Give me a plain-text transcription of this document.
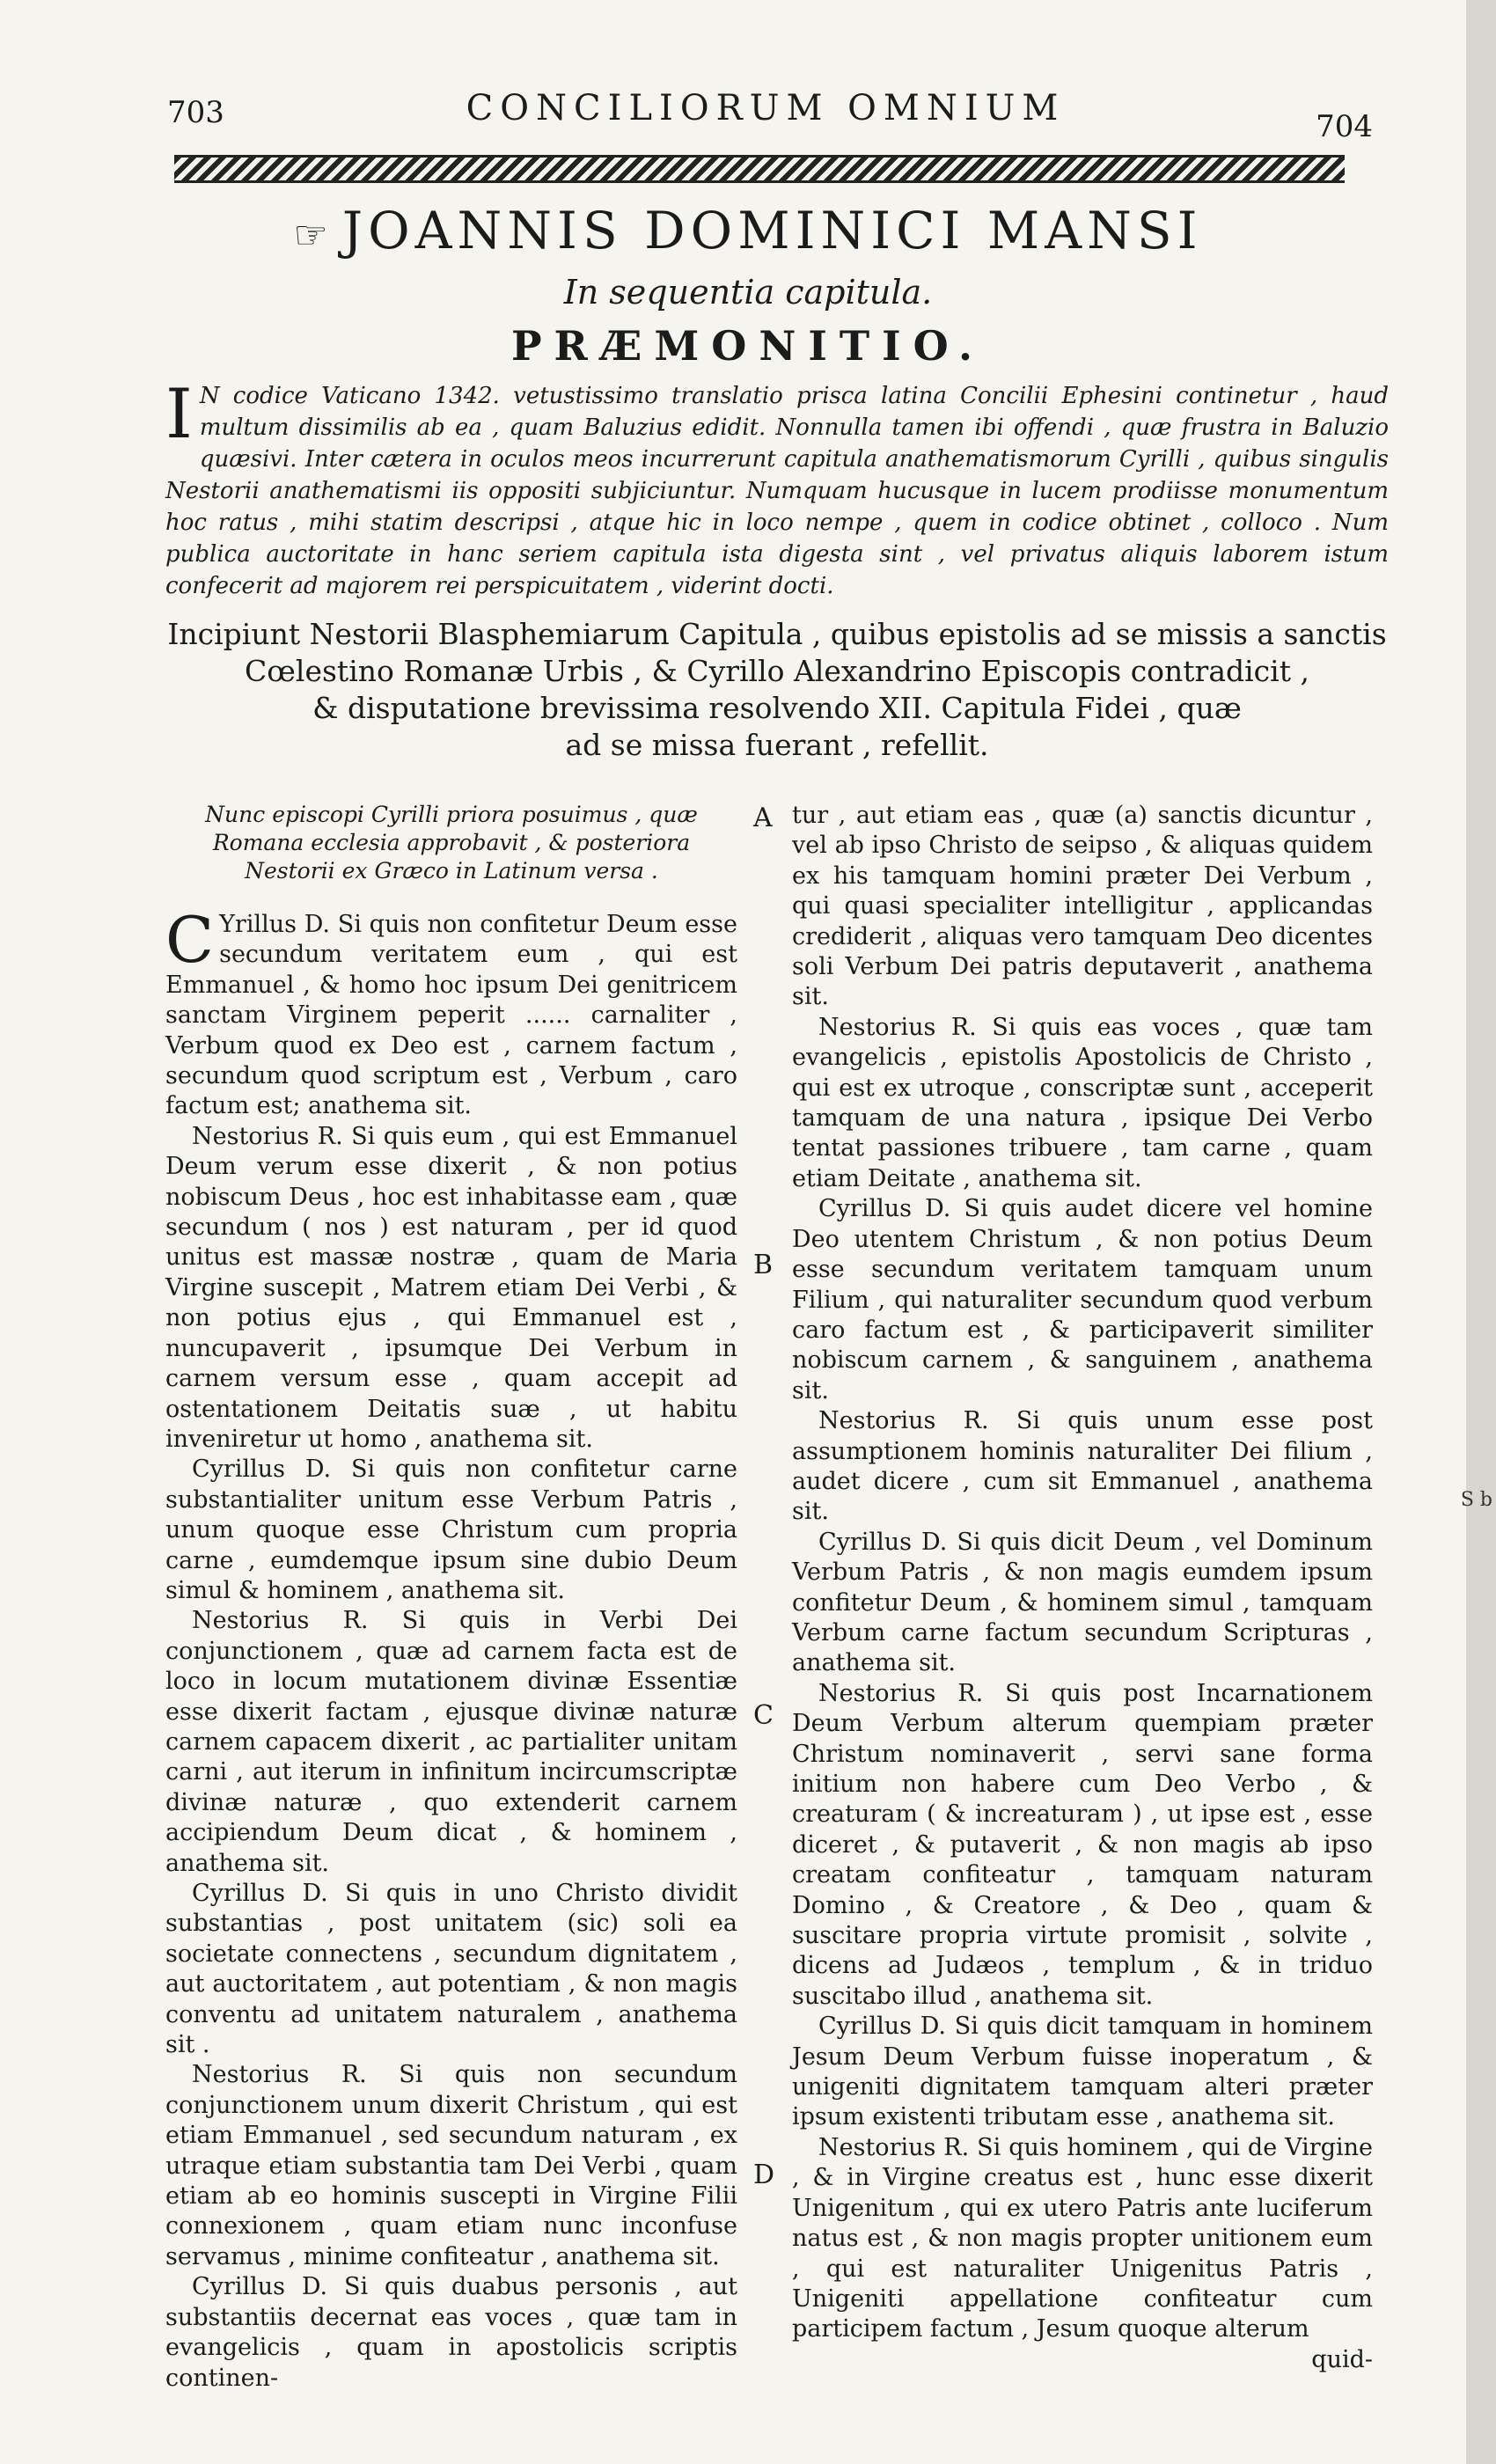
703	CONCILIORUM OMNIUM	704
☞ JOANNIS DOMINICI MANSI
In sequentia capitula.
PRÆMONITIO.
I N codice Vaticano 1342. vetustissimo translatio prisca latina Concilii Ephesini continetur , haud multum dissimilis ab ea , quam Baluzius edidit. Nonnulla tamen ibi offendi , quæ frustra in Baluzio quæsivi. Inter cætera in oculos meos incurrerunt capitula anathematismorum Cyrilli , quibus singulis Nestorii anathematismi iis oppositi subjiciuntur. Numquam hucusque in lucem prodiisse monumentum hoc ratus , mihi statim descripsi , atque hic in loco nempe , quem in codice obtinet , colloco . Num publica auctoritate in hanc seriem capitula ista digesta sint , vel privatus aliquis laborem istum confecerit ad majorem rei perspicuitatem , viderint docti.
Incipiunt Nestorii Blasphemiarum Capitula , quibus epistolis ad se missis a sanctis
Cœlestino Romanæ Urbis , & Cyrillo Alexandrino Episcopis contradicit ,
& disputatione brevissima resolvendo XII. Capitula Fidei , quæ
ad se missa fuerant , refellit.
Nunc episcopi Cyrilli priora posuimus , quæ Romana ecclesia approbavit , & posteriora Nestorii ex Græco in Latinum versa .

C Yrillus D. Si quis non confitetur Deum esse secundum veritatem eum , qui est Emmanuel , & homo hoc ipsum Dei genitricem sanctam Virginem peperit ...... carnaliter , Verbum quod ex Deo est , carnem factum , secundum quod scriptum est , Verbum , caro factum est; anathema sit.

Nestorius R. Si quis eum , qui est Emmanuel Deum verum esse dixerit , & non potius nobiscum Deus , hoc est inhabitasse eam , quæ secundum ( nos ) est naturam , per id quod unitus est massæ nostræ , quam de Maria Virgine suscepit , Matrem etiam Dei Verbi , & non potius ejus , qui Emmanuel est , nuncupaverit , ipsumque Dei Verbum in carnem versum esse , quam accepit ad ostentationem Deitatis suæ , ut habitu inveniretur ut homo , anathema sit.

Cyrillus D. Si quis non confitetur carne substantialiter unitum esse Verbum Patris , unum quoque esse Christum cum propria carne , eumdemque ipsum sine dubio Deum simul & hominem , anathema sit.

Nestorius R. Si quis in Verbi Dei conjunctionem , quæ ad carnem facta est de loco in locum mutationem divinæ Essentiæ esse dixerit factam , ejusque divinæ naturæ carnem capacem dixerit , ac partialiter unitam carni , aut iterum in infinitum incircumscriptæ divinæ naturæ , quo extenderit carnem accipiendum Deum dicat , & hominem , anathema sit.

Cyrillus D. Si quis in uno Christo dividit substantias , post unitatem (sic) soli ea societate connectens , secundum dignitatem , aut auctoritatem , aut potentiam , & non magis conventu ad unitatem naturalem , anathema sit .

Nestorius R. Si quis non secundum conjunctionem unum dixerit Christum , qui est etiam Emmanuel , sed secundum naturam , ex utraque etiam substantia tam Dei Verbi , quam etiam ab eo hominis suscepti in Virgine Filii connexionem , quam etiam nunc inconfuse servamus , minime confiteatur , anathema sit.

Cyrillus D. Si quis duabus personis , aut substantiis decernat eas voces , quæ tam in evangelicis , quam in apostolicis scriptis continen-

A
B
C
D

tur , aut etiam eas , quæ (a) sanctis dicuntur , vel ab ipso Christo de seipso , & aliquas quidem ex his tamquam homini præter Dei Verbum , qui quasi specialiter intelligitur , applicandas crediderit , aliquas vero tamquam Deo dicentes soli Verbum Dei patris deputaverit , anathema sit.

Nestorius R. Si quis eas voces , quæ tam evangelicis , epistolis Apostolicis de Christo , qui est ex utroque , conscriptæ sunt , acceperit tamquam de una natura , ipsique Dei Verbo tentat passiones tribuere , tam carne , quam etiam Deitate , anathema sit.

Cyrillus D. Si quis audet dicere vel homine Deo utentem Christum , & non potius Deum esse secundum veritatem tamquam unum Filium , qui naturaliter secundum quod verbum caro factum est , & participaverit similiter nobiscum carnem , & sanguinem , anathema sit.

Nestorius R. Si quis unum esse post assumptionem hominis naturaliter Dei filium , audet dicere , cum sit Emmanuel , anathema sit.

Cyrillus D. Si quis dicit Deum , vel Dominum Verbum Patris , & non magis eumdem ipsum confitetur Deum , & hominem simul , tamquam Verbum carne factum secundum Scripturas , anathema sit.

Nestorius R. Si quis post Incarnationem Deum Verbum alterum quempiam præter Christum nominaverit , servi sane forma initium non habere cum Deo Verbo , & creaturam ( & increaturam ) , ut ipse est , esse diceret , & putaverit , & non magis ab ipso creatam confiteatur , tamquam naturam Domino , & Creatore , & Deo , quam & suscitare propria virtute promisit , solvite , dicens ad Judæos , templum , & in triduo suscitabo illud , anathema sit.

Cyrillus D. Si quis dicit tamquam in hominem Jesum Deum Verbum fuisse inoperatum , & unigeniti dignitatem tamquam alteri præter ipsum existenti tributam esse , anathema sit.

Nestorius R. Si quis hominem , qui de Virgine , & in Virgine creatus est , hunc esse dixerit Unigenitum , qui ex utero Patris ante luciferum natus est , & non magis propter unitionem eum , qui est naturaliter Unigenitus Patris , Unigeniti appellatione confiteatur cum participem factum , Jesum quoque alterum

quid-
S b
